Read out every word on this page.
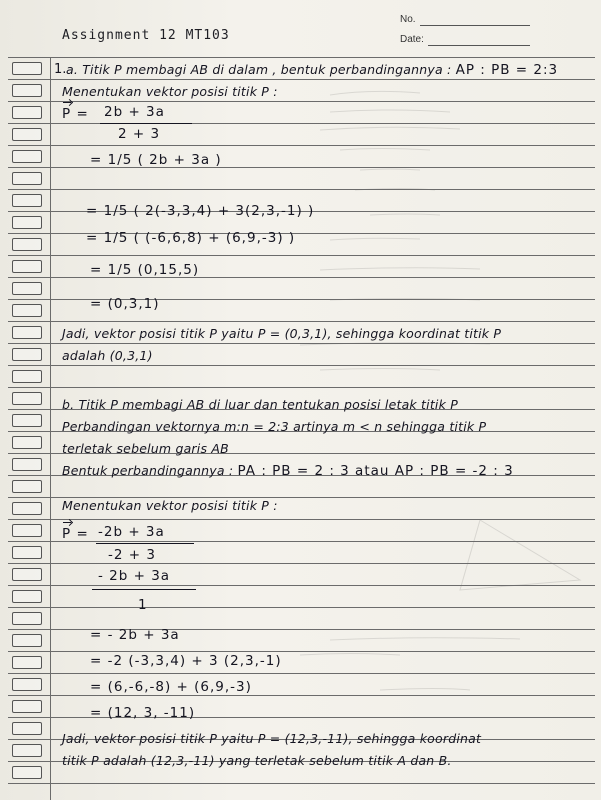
No.
Date:
Assignment 12 MT103
1. a. Titik P membagi AB di dalam , bentuk perbandingannya : AP : PB = 2:3
Menentukan vektor posisi titik P :
P = 2b + 3a
2 + 3
= 1/5 ( 2b + 3a )
= 1/5 ( 2(-3,3,4) + 3(2,3,-1) )
= 1/5 ( (-6,6,8) + (6,9,-3) )
= 1/5 (0,15,5)
= (0,3,1)
Jadi, vektor posisi titik P yaitu P = (0,3,1), sehingga koordinat titik P
adalah (0,3,1)
b. Titik P membagi AB di luar dan tentukan posisi letak titik P
Perbandingan vektornya m:n = 2:3 artinya m < n sehingga titik P
terletak sebelum garis AB
Bentuk perbandingannya : PA : PB = 2 : 3 atau AP : PB = -2 : 3
Menentukan vektor posisi titik P :
P = -2b + 3a
-2 + 3
- 2b + 3a
1
= - 2b + 3a
= -2 (-3,3,4) + 3 (2,3,-1)
= (6,-6,-8) + (6,9,-3)
= (12, 3, -11)
Jadi, vektor posisi titik P yaitu P = (12,3,-11), sehingga koordinat
titik P adalah (12,3,-11) yang terletak sebelum titik A dan B.
